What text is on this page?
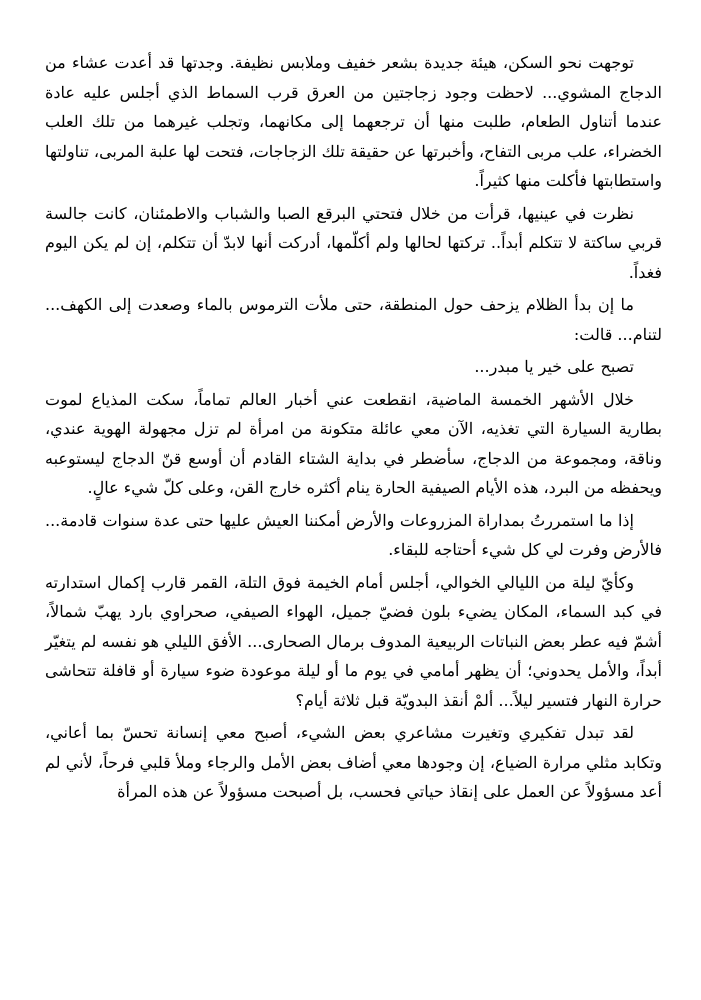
توجهت نحو السكن، هيئة جديدة بشعر خفيف وملابس نظيفة. وجدتها قد أعدت عشاء من الدجاج المشوي... لاحظت وجود زجاجتين من العرق قرب السماط الذي أجلس عليه عادة عندما أتناول الطعام، طلبت منها أن ترجعهما إلى مكانهما، وتجلب غيرهما من تلك العلب الخضراء، علب مربى التفاح، وأخبرتها عن حقيقة تلك الزجاجات، فتحت لها علبة المربى، تناولتها واستطابتها فأكلت منها كثيراً.

نظرت في عينيها، قرأت من خلال فتحتي البرقع الصبا والشباب والاطمئنان، كانت جالسة قربي ساكتة لا تتكلم أبداً.. تركتها لحالها ولم أكلّمها، أدركت أنها لابدّ أن تتكلم، إن لم يكن اليوم فغداً.

ما إن بدأ الظلام يزحف حول المنطقة، حتى ملأت الترموس بالماء وصعدت إلى الكهف... لتنام... قالت:

تصبح على خير يا مبدر...

خلال الأشهر الخمسة الماضية، انقطعت عني أخبار العالم تماماً، سكت المذياع لموت بطارية السيارة التي تغذيه، الآن معي عائلة متكونة من امرأة لم تزل مجهولة الهوية عندي، وناقة، ومجموعة من الدجاج، سأضطر في بداية الشتاء القادم أن أوسع قنّ الدجاج ليستوعبه ويحفظه من البرد، هذه الأيام الصيفية الحارة ينام أكثره خارج القن، وعلى كلّ شيء عالٍ.

إذا ما استمررتُ بمداراة المزروعات والأرض أمكننا العيش عليها حتى عدة سنوات قادمة... فالأرض وفرت لي كل شيء أحتاجه للبقاء.

وكأيّ ليلة من الليالي الخوالي، أجلس أمام الخيمة فوق التلة، القمر قارب إكمال استدارته في كبد السماء، المكان يضيء بلون فضيّ جميل، الهواء الصيفي، صحراوي بارد يهبّ شمالاً، أشمّ فيه عطر بعض النباتات الربيعية المدوف برمال الصحارى... الأفق الليلي هو نفسه لم يتغيّر أبداً، والأمل يحدوني؛ أن يظهر أمامي في يوم ما أو ليلة موعودة ضوء سيارة أو قافلة تتحاشى حرارة النهار فتسير ليلاً... ألمْ أنقذ البدويّة قبل ثلاثة أيام؟

لقد تبدل تفكيري وتغيرت مشاعري بعض الشيء، أصبح معي إنسانة تحسّ بما أعاني، وتكابد مثلي مرارة الضياع، إن وجودها معي أضاف بعض الأمل والرجاء وملأ قلبي فرحاً، لأني لم أعد مسؤولاً عن العمل على إنقاذ حياتي فحسب، بل أصبحت مسؤولاً عن هذه المرأة
